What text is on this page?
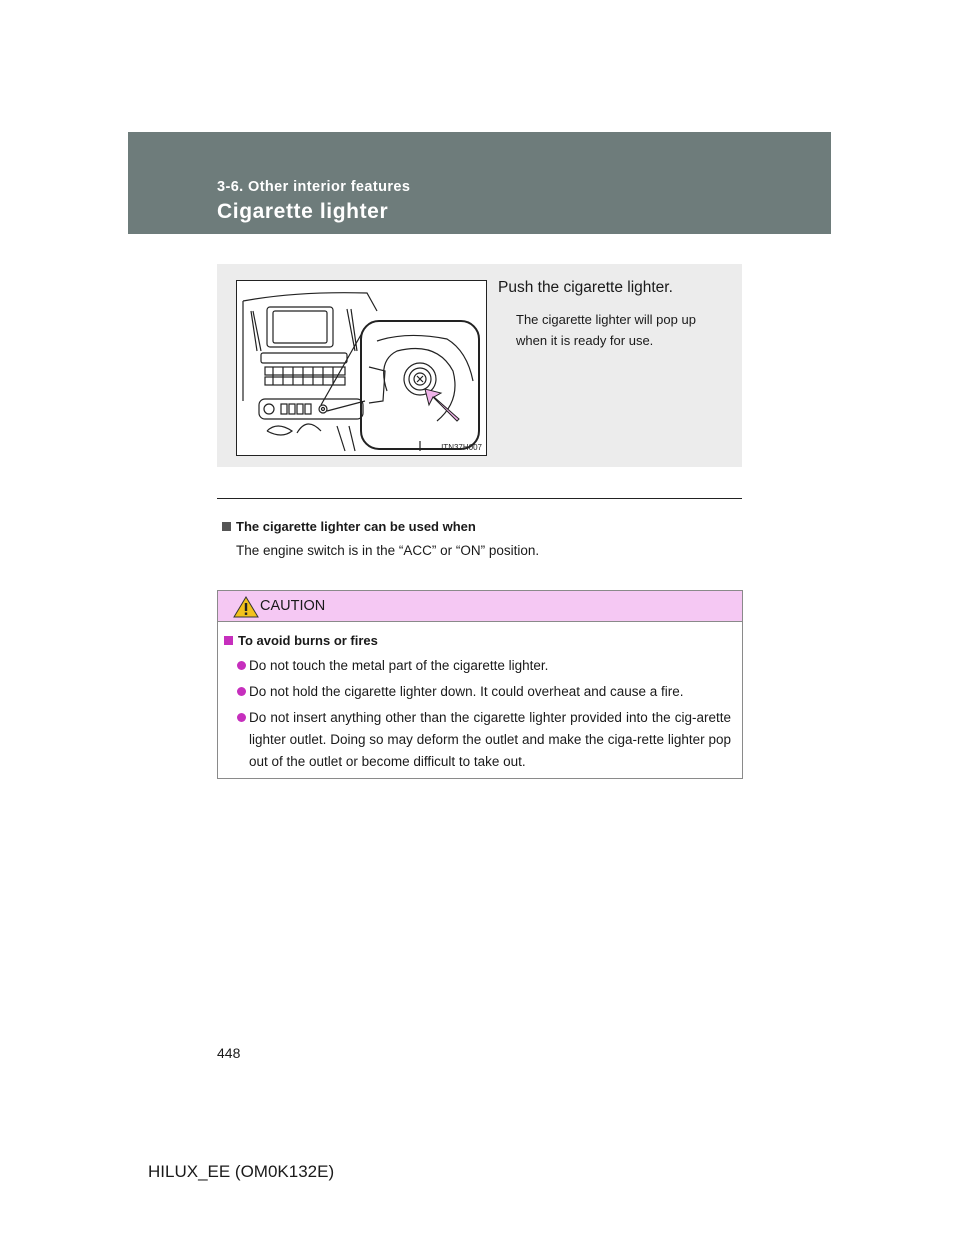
3-6. Other interior features
Cigarette lighter
ITN37H007
Push the cigarette lighter.
The cigarette lighter will pop up when it is ready for use.
The cigarette lighter can be used when
The engine switch is in the “ACC” or “ON” position.
CAUTION
To avoid burns or fires
Do not touch the metal part of the cigarette lighter.
Do not hold the cigarette lighter down. It could overheat and cause a fire.
Do not insert anything other than the cigarette lighter provided into the cig-arette lighter outlet. Doing so may deform the outlet and make the ciga-rette lighter pop out of the outlet or become difficult to take out.
448
HILUX_EE (OM0K132E)
